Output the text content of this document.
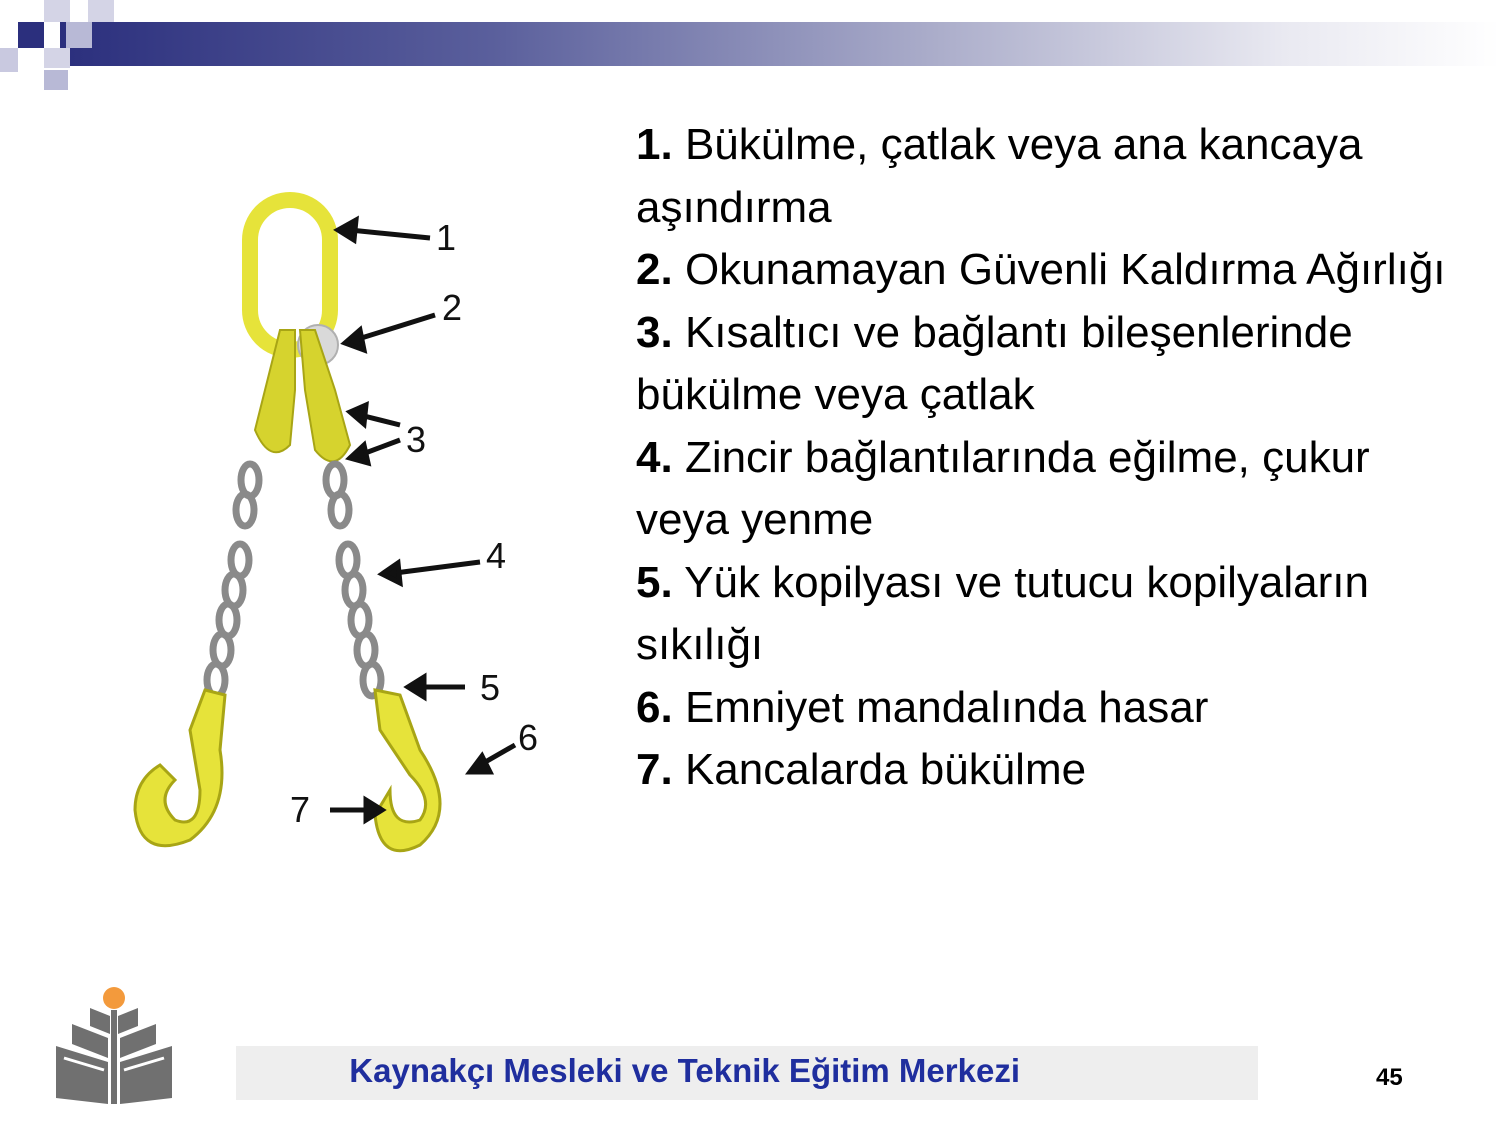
1
2
3
4
5
6
7
1. Bükülme, çatlak veya ana kancaya aşındırma
2. Okunamayan Güvenli Kaldırma Ağırlığı
3. Kısaltıcı ve bağlantı bileşenlerinde bükülme veya çatlak
4. Zincir bağlantılarında eğilme, çukur veya yenme
5. Yük kopilyası ve tutucu kopilyaların sıkılığı
6. Emniyet mandalında hasar
7. Kancalarda bükülme
Kaynakçı Mesleki ve Teknik Eğitim Merkezi	45
